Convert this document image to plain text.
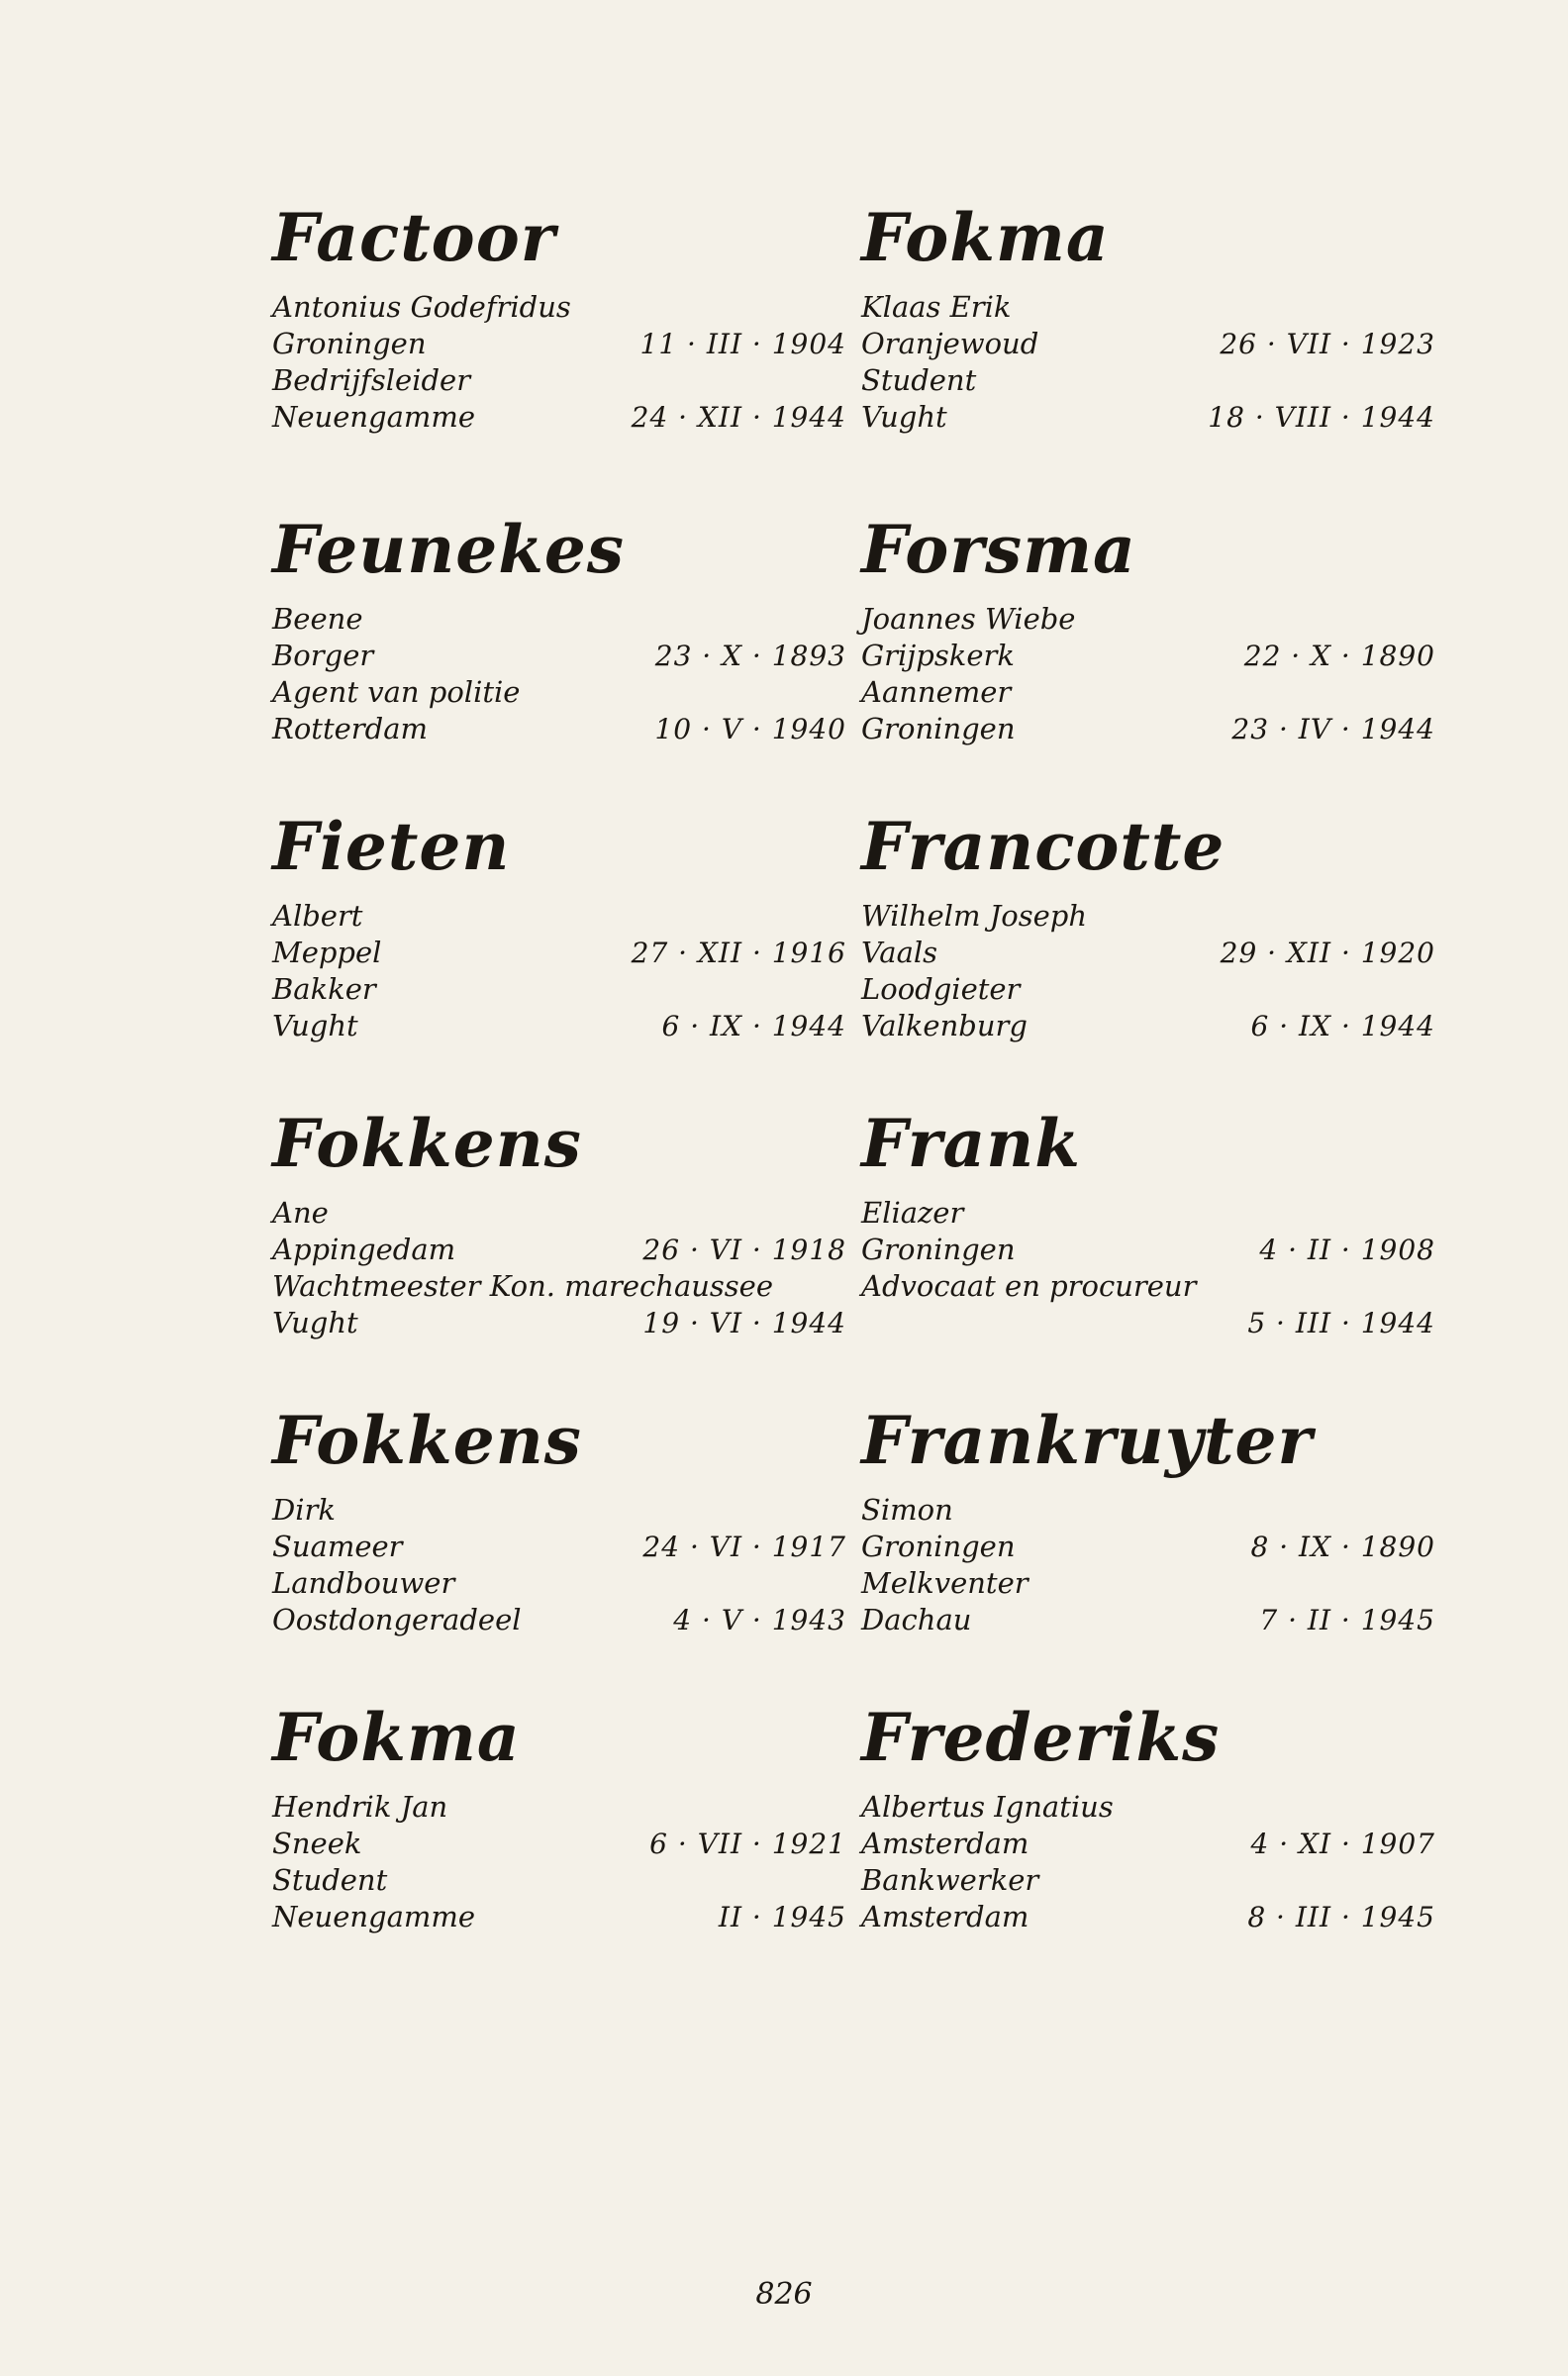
Factoor
Antonius Godefridus
Groningen	11 · III · 1904
Bedrijfsleider
Neuengamme	24 · XII · 1944
Feunekes
Beene
Borger	23 · X · 1893
Agent van politie
Rotterdam	10 · V · 1940
Fieten
Albert
Meppel	27 · XII · 1916
Bakker
Vught	6 · IX · 1944
Fokkens
Ane
Appingedam	26 · VI · 1918
Wachtmeester Kon. marechaussee
Vught	19 · VI · 1944
Fokkens
Dirk
Suameer	24 · VI · 1917
Landbouwer
Oostdongeradeel	4 · V · 1943
Fokma
Hendrik Jan
Sneek	6 · VII · 1921
Student
Neuengamme	II · 1945
Fokma
Klaas Erik
Oranjewoud	26 · VII · 1923
Student
Vught	18 · VIII · 1944
Forsma
Joannes Wiebe
Grijpskerk	22 · X · 1890
Aannemer
Groningen	23 · IV · 1944
Francotte
Wilhelm Joseph
Vaals	29 · XII · 1920
Loodgieter
Valkenburg	6 · IX · 1944
Frank
Eliazer
Groningen	4 · II · 1908
Advocaat en procureur
5 · III · 1944
Frankruyter
Simon
Groningen	8 · IX · 1890
Melkventer
Dachau	7 · II · 1945
Frederiks
Albertus Ignatius
Amsterdam	4 · XI · 1907
Bankwerker
Amsterdam	8 · III · 1945
826
